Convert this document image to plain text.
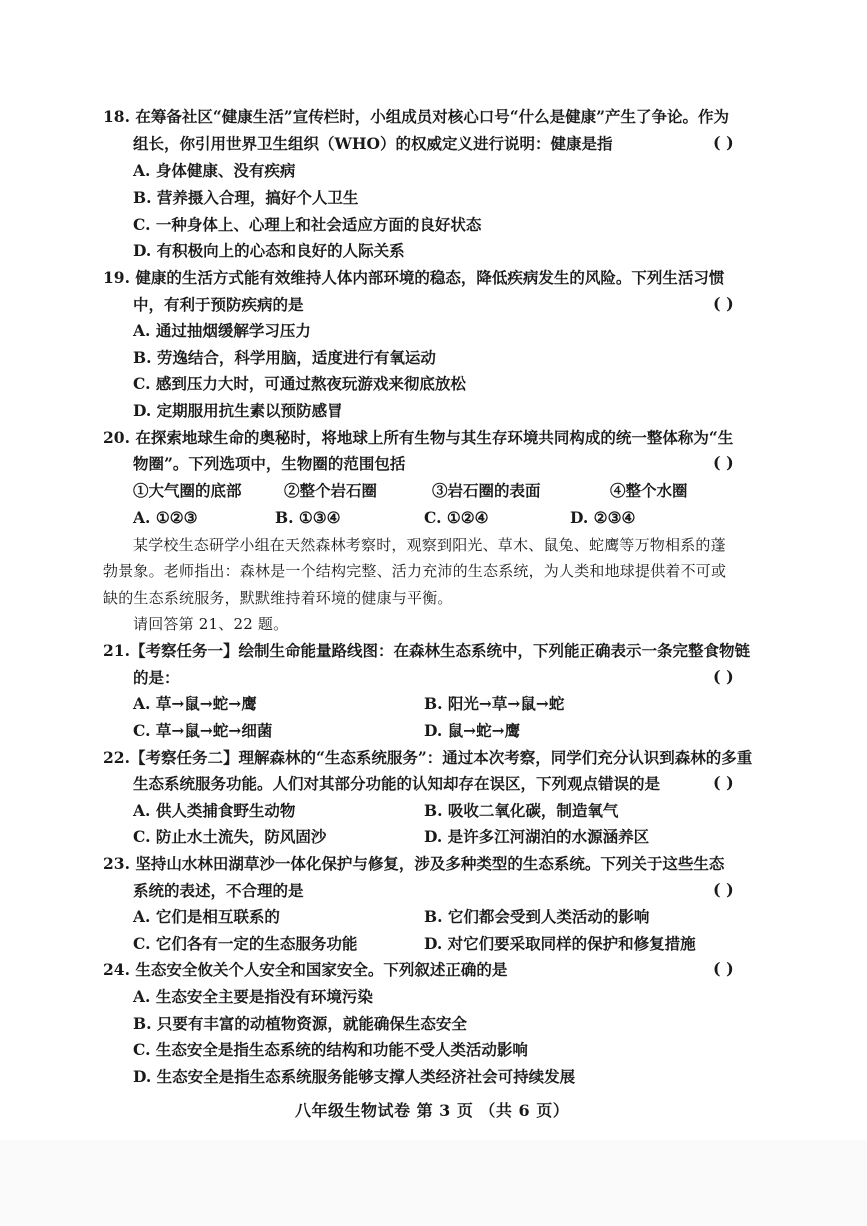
18. 在筹备社区“健康生活”宣传栏时，小组成员对核心口号“什么是健康”产生了争论。作为
组长，你引用世界卫生组织（WHO）的权威定义进行说明：健康是指	( )
A. 身体健康、没有疾病
B. 营养摄入合理，搞好个人卫生
C. 一种身体上、心理上和社会适应方面的良好状态
D. 有积极向上的心态和良好的人际关系
19. 健康的生活方式能有效维持人体内部环境的稳态，降低疾病发生的风险。下列生活习惯
中，有利于预防疾病的是	( )
A. 通过抽烟缓解学习压力
B. 劳逸结合，科学用脑，适度进行有氧运动
C. 感到压力大时，可通过熬夜玩游戏来彻底放松
D. 定期服用抗生素以预防感冒
20. 在探索地球生命的奥秘时，将地球上所有生物与其生存环境共同构成的统一整体称为“生
物圈”。下列选项中，生物圈的范围包括	( )
①大气圈的底部	②整个岩石圈	③岩石圈的表面	④整个水圈
A. ①②③	B. ①③④	C. ①②④	D. ②③④
某学校生态研学小组在天然森林考察时，观察到阳光、草木、鼠兔、蛇鹰等万物相系的蓬
勃景象。老师指出：森林是一个结构完整、活力充沛的生态系统，为人类和地球提供着不可或
缺的生态系统服务，默默维持着环境的健康与平衡。
请回答第 21、22 题。
21.【考察任务一】绘制生命能量路线图：在森林生态系统中，下列能正确表示一条完整食物链
的是：	( )
A. 草→鼠→蛇→鹰	B. 阳光→草→鼠→蛇
C. 草→鼠→蛇→细菌	D. 鼠→蛇→鹰
22.【考察任务二】理解森林的“生态系统服务”：通过本次考察，同学们充分认识到森林的多重
生态系统服务功能。人们对其部分功能的认知却存在误区，下列观点错误的是	( )
A. 供人类捕食野生动物	B. 吸收二氧化碳，制造氧气
C. 防止水土流失，防风固沙	D. 是许多江河湖泊的水源涵养区
23. 坚持山水林田湖草沙一体化保护与修复，涉及多种类型的生态系统。下列关于这些生态
系统的表述，不合理的是	( )
A. 它们是相互联系的	B. 它们都会受到人类活动的影响
C. 它们各有一定的生态服务功能	D. 对它们要采取同样的保护和修复措施
24. 生态安全攸关个人安全和国家安全。下列叙述正确的是	( )
A. 生态安全主要是指没有环境污染
B. 只要有丰富的动植物资源，就能确保生态安全
C. 生态安全是指生态系统的结构和功能不受人类活动影响
D. 生态安全是指生态系统服务能够支撑人类经济社会可持续发展
八年级生物试卷 第 3 页 （共 6 页）
